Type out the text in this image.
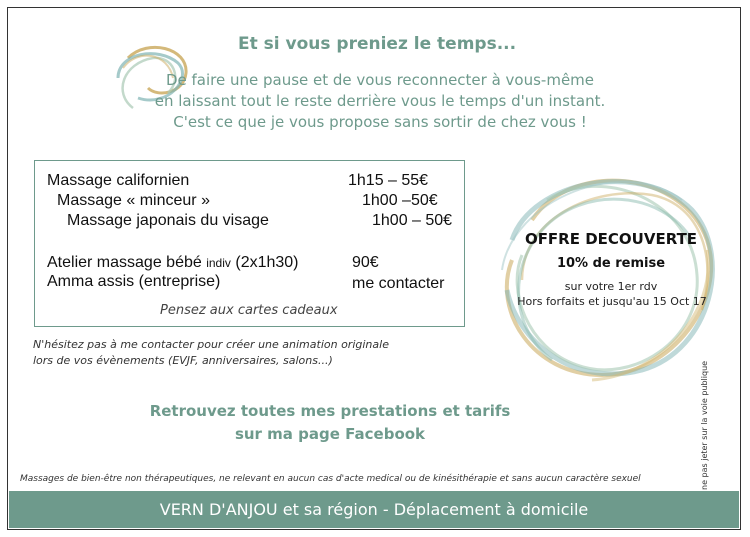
Et si vous preniez le temps...
De faire une pause et de vous reconnecter à vous-même
en laissant tout le reste derrière vous le temps d'un instant.
C'est ce que je vous propose sans sortir de chez vous !
Massage californien	1h15 – 55€
Massage « minceur »	1h00 –50€
Massage japonais du visage	1h00 – 50€
Atelier massage bébé indiv (2x1h30)	90€
Amma assis (entreprise)	me contacter
Pensez aux cartes cadeaux
N'hésitez pas à me contacter pour créer une animation originale
lors de vos évènements (EVJF, anniversaires, salons...)
OFFRE DECOUVERTE
10% de remise
sur votre 1er rdv
Hors forfaits et jusqu'au 15 Oct 17
ne pas jeter sur la voie publique
Retrouvez toutes mes prestations et tarifs
sur ma page Facebook
Massages de bien-être non thérapeutiques, ne relevant en aucun cas d'acte medical ou de kinésithérapie et sans aucun caractère sexuel
VERN D'ANJOU et sa région - Déplacement à domicile
